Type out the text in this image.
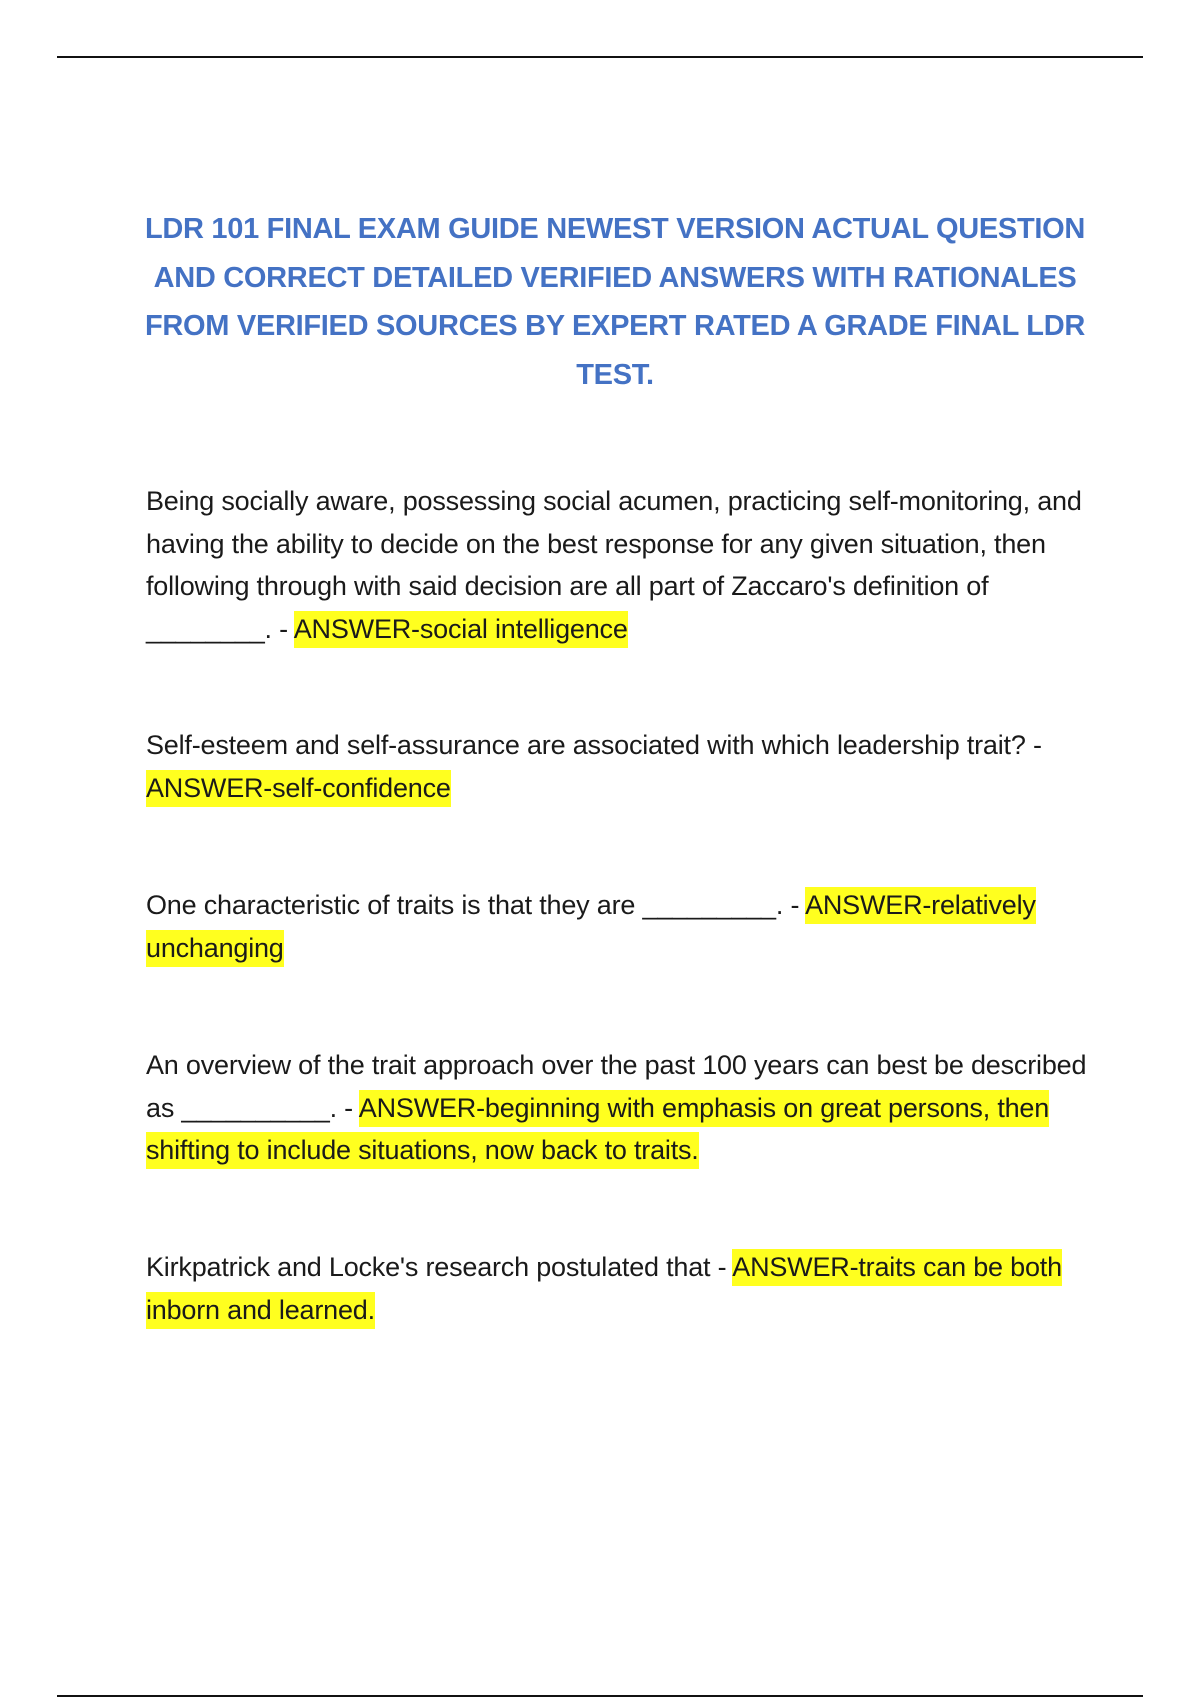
LDR 101 FINAL EXAM GUIDE NEWEST VERSION ACTUAL QUESTION AND CORRECT DETAILED VERIFIED ANSWERS WITH RATIONALES FROM VERIFIED SOURCES BY EXPERT RATED A GRADE FINAL LDR TEST.
Being socially aware, possessing social acumen, practicing self-monitoring, and having the ability to decide on the best response for any given situation, then following through with said decision are all part of Zaccaro's definition of ________. - ANSWER-social intelligence
Self-esteem and self-assurance are associated with which leadership trait? - ANSWER-self-confidence
One characteristic of traits is that they are _________. - ANSWER-relatively unchanging
An overview of the trait approach over the past 100 years can best be described as __________. - ANSWER-beginning with emphasis on great persons, then shifting to include situations, now back to traits.
Kirkpatrick and Locke's research postulated that - ANSWER-traits can be both inborn and learned.
